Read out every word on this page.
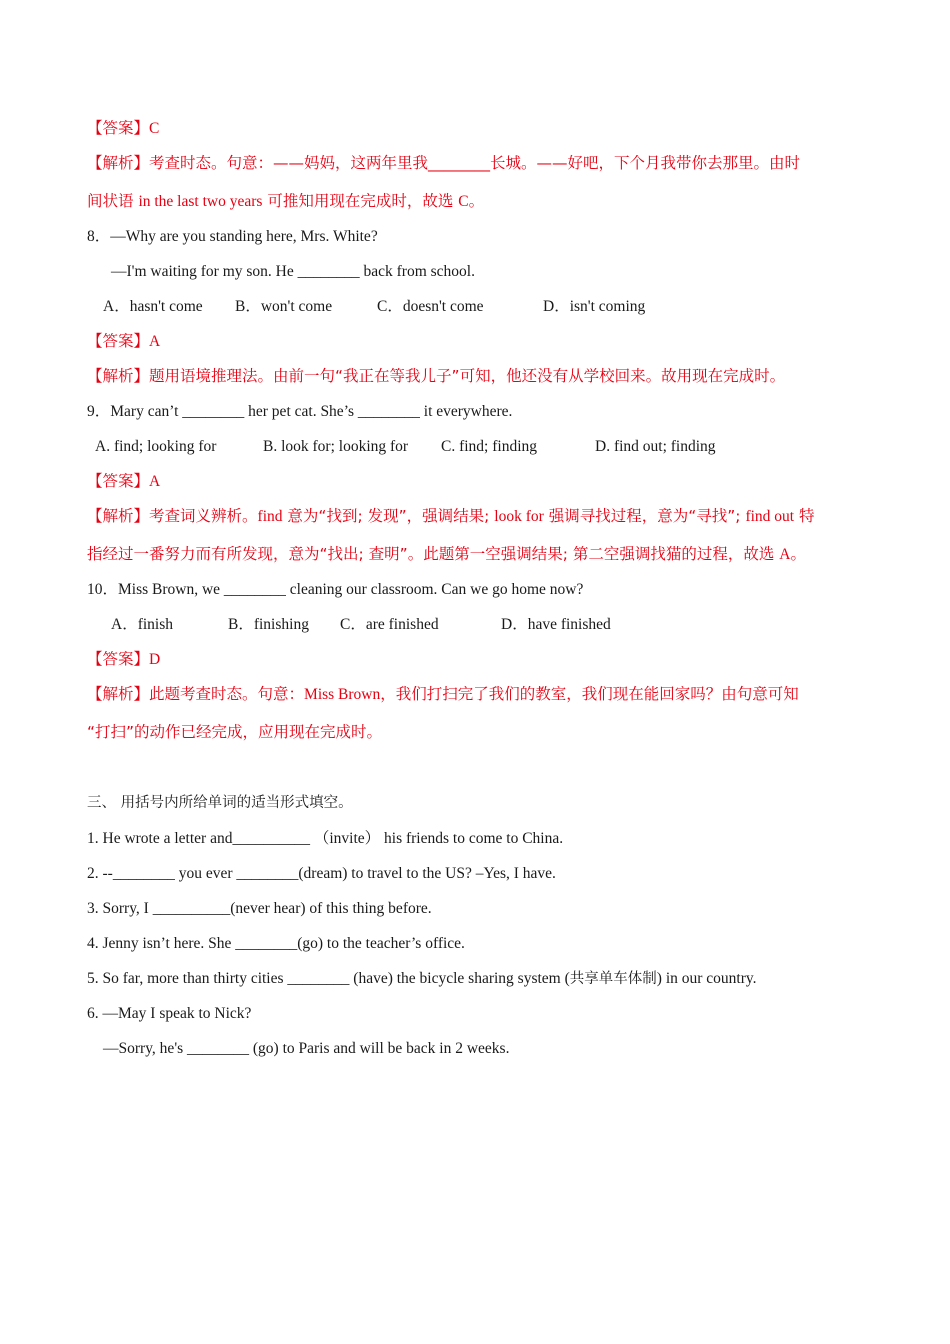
【答案】C
【解析】考查时态。句意：——妈妈，这两年里我________长城。——好吧，下个月我带你去那里。由时
间状语 in the last two years 可推知用现在完成时，故选 C。
8．—Why are you standing here, Mrs. White?
—I'm waiting for my son. He ________ back from school.
A．hasn't come B．won't come	C．doesn't come	D．isn't coming
【答案】A
【解析】题用语境推理法。由前一句“我正在等我儿子”可知，他还没有从学校回来。故用现在完成时。
9．Mary can’t ________ her pet cat. She’s ________ it everywhere.
A. find; looking for	B. look for; looking for C. find; finding	D. find out; finding
【答案】A
【解析】考查词义辨析。find 意为“找到; 发现”，强调结果; look for 强调寻找过程，意为“寻找”; find out 特
指经过一番努力而有所发现，意为“找出; 查明”。此题第一空强调结果; 第二空强调找猫的过程，故选 A。
10．Miss Brown, we ________ cleaning our classroom. Can we go home now?
A．finish	B．finishing C．are finished	D．have finished
【答案】D
【解析】此题考查时态。句意：Miss Brown，我们打扫完了我们的教室，我们现在能回家吗？由句意可知
“打扫”的动作已经完成，应用现在完成时。
三、 用括号内所给单词的适当形式填空。
1. He wrote a letter and__________ （invite） his friends to come to China.
2. --________ you ever ________(dream) to travel to the US? –Yes, I have.
3. Sorry, I __________(never hear) of this thing before.
4. Jenny isn’t here. She ________(go) to the teacher’s office.
5. So far, more than thirty cities ________ (have) the bicycle sharing system (共享单车体制) in our country.
6. —May I speak to Nick?
—Sorry, he's ________ (go) to Paris and will be back in 2 weeks.
